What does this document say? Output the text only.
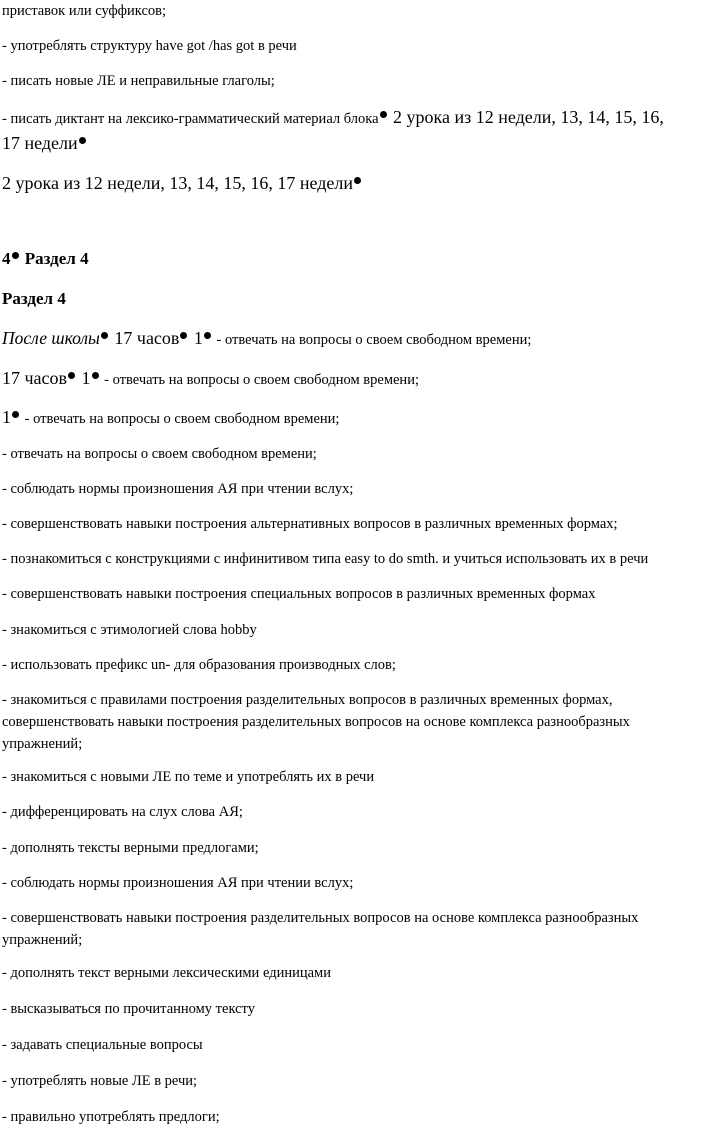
приставок или суффиксов;
- употреблять структуру have got /has got в речи
- писать новые ЛЕ и неправильные глаголы;
- писать диктант на лексико-грамматический материал блока 2 урока из 12 недели, 13, 14, 15, 16,
17 недели
2 урока из 12 недели, 13, 14, 15, 16, 17 недели
4 Раздел 4
Раздел 4
После школы 17 часов 1 - отвечать на вопросы о своем свободном времени;
17 часов 1 - отвечать на вопросы о своем свободном времени;
1 - отвечать на вопросы о своем свободном времени;
- отвечать на вопросы о своем свободном времени;
- соблюдать нормы произношения АЯ при чтении вслух;
- совершенствовать навыки построения альтернативных вопросов в различных временных формах;
- познакомиться с конструкциями с инфинитивом типа easy to do smth. и учиться использовать их в речи
- совершенствовать навыки построения специальных вопросов в различных временных формах
- знакомиться с этимологией слова hobby
- использовать префикс un- для образования производных слов;
- знакомиться с правилами построения разделительных вопросов в различных временных формах, совершенствовать навыки построения разделительных вопросов на основе комплекса разнообразных упражнений;
- знакомиться с новыми ЛЕ по теме и употреблять их в речи
- дифференцировать на слух слова АЯ;
- дополнять тексты верными предлогами;
- соблюдать нормы произношения АЯ при чтении вслух;
- совершенствовать навыки построения разделительных вопросов на основе комплекса разнообразных упражнений;
- дополнять текст верными лексическими единицами
- высказываться по прочитанному тексту
- задавать специальные вопросы
- употреблять новые ЛЕ в речи;
- правильно употреблять предлоги;
